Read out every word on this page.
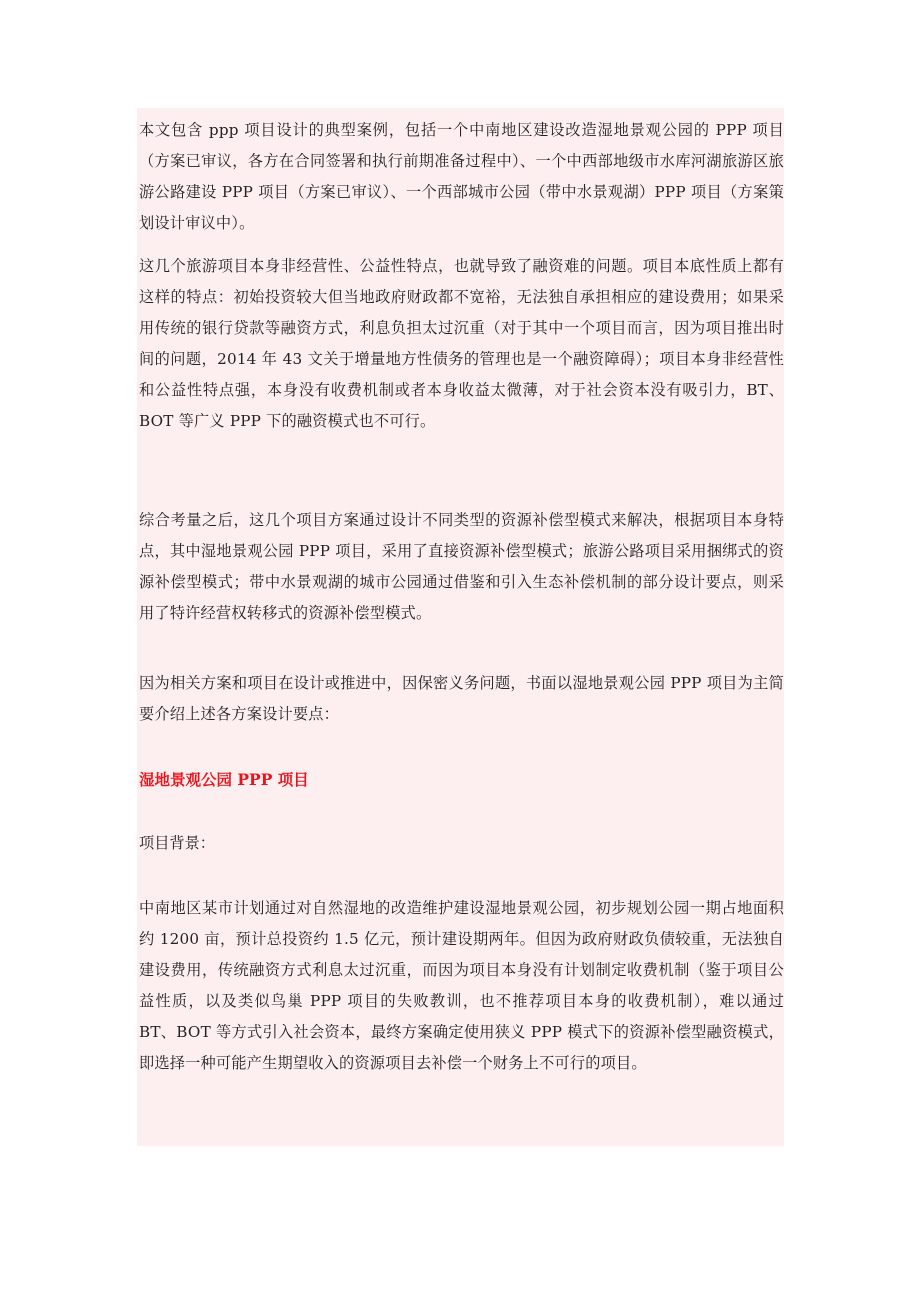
本文包含 ppp 项目设计的典型案例，包括一个中南地区建设改造湿地景观公园的 PPP 项目（方案已审议，各方在合同签署和执行前期准备过程中）、一个中西部地级市水库河湖旅游区旅游公路建设 PPP 项目（方案已审议）、一个西部城市公园（带中水景观湖）PPP 项目（方案策划设计审议中）。

这几个旅游项目本身非经营性、公益性特点，也就导致了融资难的问题。项目本底性质上都有这样的特点：初始投资较大但当地政府财政都不宽裕，无法独自承担相应的建设费用；如果采用传统的银行贷款等融资方式，利息负担太过沉重（对于其中一个项目而言，因为项目推出时间的问题，2014 年 43 文关于增量地方性债务的管理也是一个融资障碍）；项目本身非经营性和公益性特点强，本身没有收费机制或者本身收益太微薄，对于社会资本没有吸引力，BT、BOT 等广义 PPP 下的融资模式也不可行。

综合考量之后，这几个项目方案通过设计不同类型的资源补偿型模式来解决，根据项目本身特点，其中湿地景观公园 PPP 项目，采用了直接资源补偿型模式；旅游公路项目采用捆绑式的资源补偿型模式；带中水景观湖的城市公园通过借鉴和引入生态补偿机制的部分设计要点，则采用了特许经营权转移式的资源补偿型模式。

因为相关方案和项目在设计或推进中，因保密义务问题，书面以湿地景观公园 PPP 项目为主简要介绍上述各方案设计要点：

湿地景观公园 PPP 项目

项目背景：

中南地区某市计划通过对自然湿地的改造维护建设湿地景观公园，初步规划公园一期占地面积约 1200 亩，预计总投资约 1.5 亿元，预计建设期两年。但因为政府财政负债较重，无法独自建设费用，传统融资方式利息太过沉重，而因为项目本身没有计划制定收费机制（鉴于项目公益性质，以及类似鸟巢 PPP 项目的失败教训，也不推荐项目本身的收费机制），难以通过 BT、BOT 等方式引入社会资本，最终方案确定使用狭义 PPP 模式下的资源补偿型融资模式，即选择一种可能产生期望收入的资源项目去补偿一个财务上不可行的项目。
